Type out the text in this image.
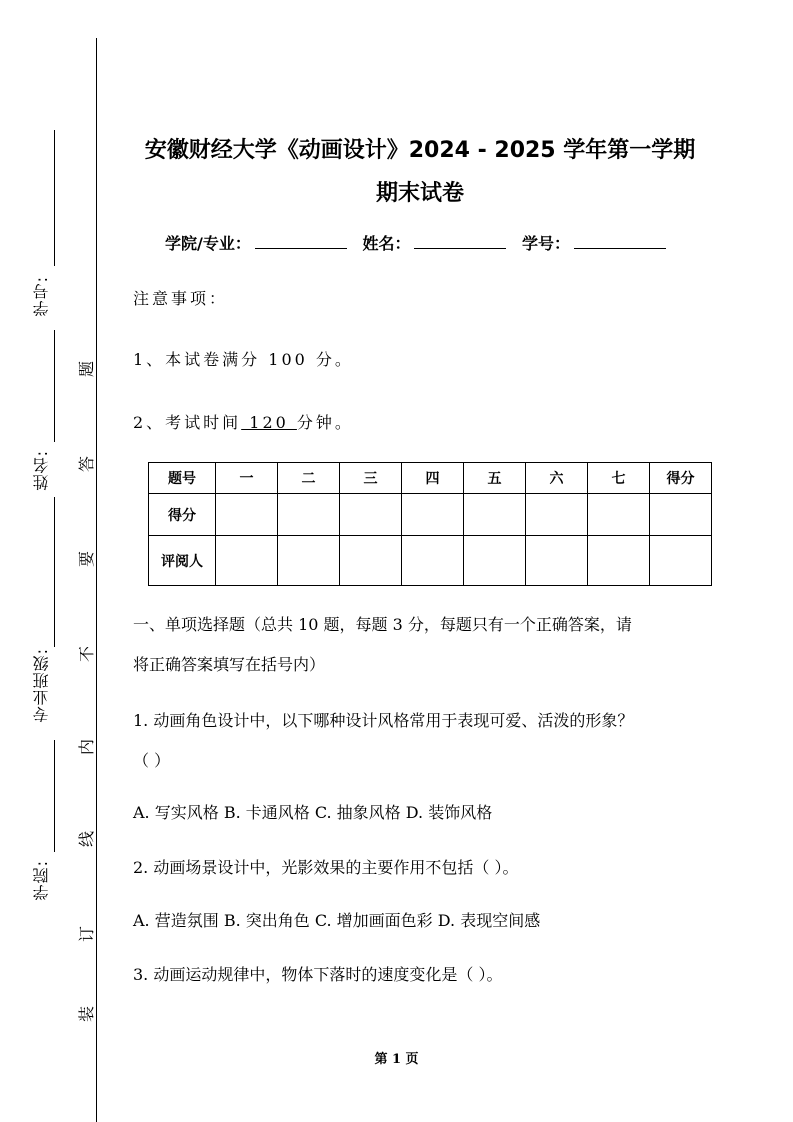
学号:
姓名:
专业班级:
学院:
题
答
要
不
内
线
订
装
安徽财经大学《动画设计》2024 - 2025 学年第一学期
期末试卷
学院/专业：	姓名：	学号：
注意事项：
1、本试卷满分 100 分。
2、考试时间 120 分钟。
题号	一	二	三	四	五	六	七	得分
得分								
评阅人								
一、单项选择题（总共 10 题，每题 3 分，每题只有一个正确答案，请
将正确答案填写在括号内）
1. 动画角色设计中，以下哪种设计风格常用于表现可爱、活泼的形象？
（ ）
A. 写实风格 B. 卡通风格 C. 抽象风格 D. 装饰风格
2. 动画场景设计中，光影效果的主要作用不包括（ ）。
A. 营造氛围 B. 突出角色 C. 增加画面色彩 D. 表现空间感
3. 动画运动规律中，物体下落时的速度变化是（ ）。
第 1 页
